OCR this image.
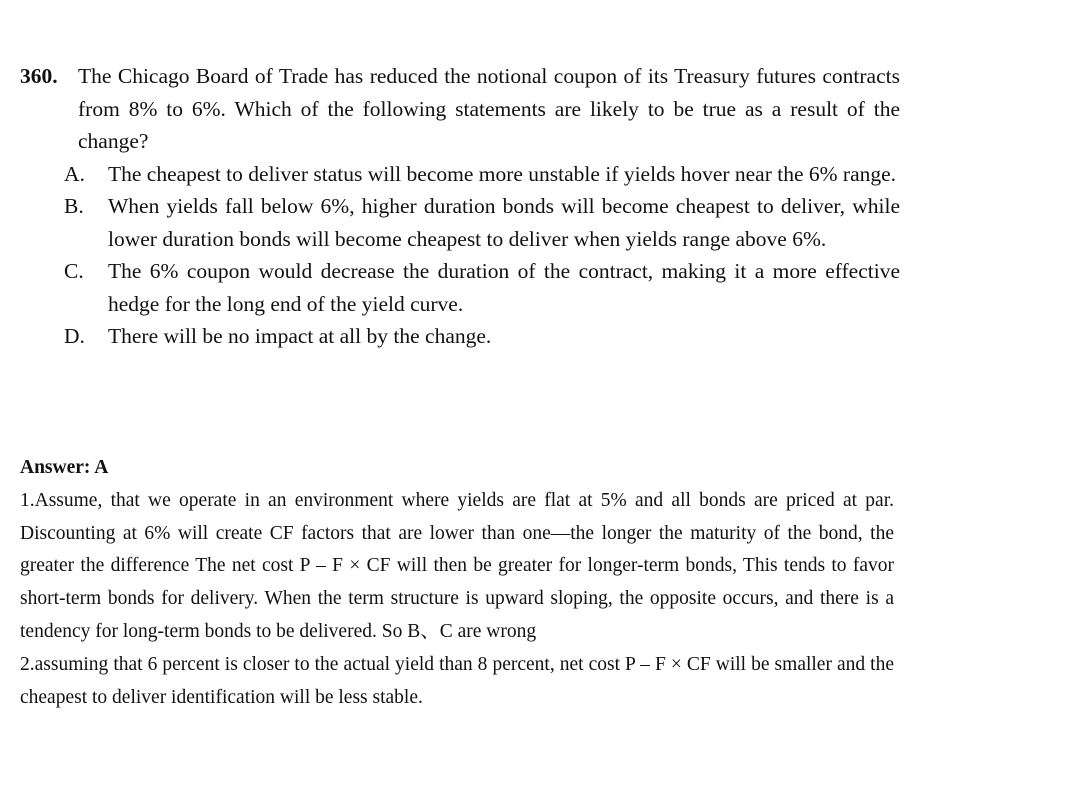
360. The Chicago Board of Trade has reduced the notional coupon of its Treasury futures contracts from 8% to 6%. Which of the following statements are likely to be true as a result of the change?

A. The cheapest to deliver status will become more unstable if yields hover near the 6% range.

B. When yields fall below 6%, higher duration bonds will become cheapest to deliver, while lower duration bonds will become cheapest to deliver when yields range above 6%.

C. The 6% coupon would decrease the duration of the contract, making it a more effective hedge for the long end of the yield curve.

D. There will be no impact at all by the change.

Answer: A

1.Assume, that we operate in an environment where yields are flat at 5% and all bonds are priced at par. Discounting at 6% will create CF factors that are lower than one—the longer the maturity of the bond, the greater the difference The net cost P – F × CF will then be greater for longer-term bonds, This tends to favor short-term bonds for delivery. When the term structure is upward sloping, the opposite occurs, and there is a tendency for long-term bonds to be delivered. So B、C are wrong

2.assuming that 6 percent is closer to the actual yield than 8 percent, net cost P – F × CF will be smaller and the cheapest to deliver identification will be less stable.
